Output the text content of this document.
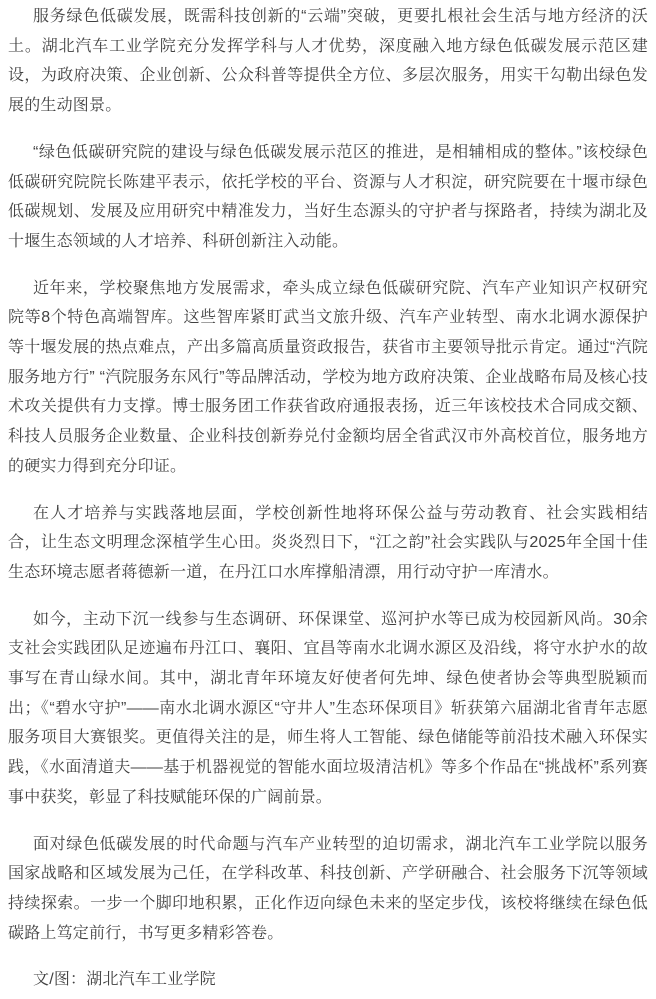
服务绿色低碳发展，既需科技创新的“云端”突破，更要扎根社会生活与地方经济的沃土。湖北汽车工业学院充分发挥学科与人才优势，深度融入地方绿色低碳发展示范区建设，为政府决策、企业创新、公众科普等提供全方位、多层次服务，用实干勾勒出绿色发展的生动图景。

“绿色低碳研究院的建设与绿色低碳发展示范区的推进，是相辅相成的整体。”该校绿色低碳研究院院长陈建平表示，依托学校的平台、资源与人才积淀，研究院要在十堰市绿色低碳规划、发展及应用研究中精准发力，当好生态源头的守护者与探路者，持续为湖北及十堰生态领域的人才培养、科研创新注入动能。

近年来，学校聚焦地方发展需求，牵头成立绿色低碳研究院、汽车产业知识产权研究院等8个特色高端智库。这些智库紧盯武当文旅升级、汽车产业转型、南水北调水源保护等十堰发展的热点难点，产出多篇高质量资政报告，获省市主要领导批示肯定。通过“汽院服务地方行” “汽院服务东风行”等品牌活动，学校为地方政府决策、企业战略布局及核心技术攻关提供有力支撑。博士服务团工作获省政府通报表扬，近三年该校技术合同成交额、科技人员服务企业数量、企业科技创新券兑付金额均居全省武汉市外高校首位，服务地方的硬实力得到充分印证。

在人才培养与实践落地层面，学校创新性地将环保公益与劳动教育、社会实践相结合，让生态文明理念深植学生心田。炎炎烈日下，“江之韵”社会实践队与2025年全国十佳生态环境志愿者蒋德新一道，在丹江口水库撑船清漂，用行动守护一库清水。

如今，主动下沉一线参与生态调研、环保课堂、巡河护水等已成为校园新风尚。30余支社会实践团队足迹遍布丹江口、襄阳、宜昌等南水北调水源区及沿线，将守水护水的故事写在青山绿水间。其中，湖北青年环境友好使者何先坤、绿色使者协会等典型脱颖而出；《“碧水守护”——南水北调水源区“守井人”生态环保项目》斩获第六届湖北省青年志愿服务项目大赛银奖。更值得关注的是，师生将人工智能、绿色储能等前沿技术融入环保实践，《水面清道夫——基于机器视觉的智能水面垃圾清洁机》等多个作品在“挑战杯”系列赛事中获奖，彰显了科技赋能环保的广阔前景。

面对绿色低碳发展的时代命题与汽车产业转型的迫切需求，湖北汽车工业学院以服务国家战略和区域发展为己任，在学科改革、科技创新、产学研融合、社会服务下沉等领域持续探索。一步一个脚印地积累，正化作迈向绿色未来的坚定步伐，该校将继续在绿色低碳路上笃定前行，书写更多精彩答卷。

文/图：湖北汽车工业学院
